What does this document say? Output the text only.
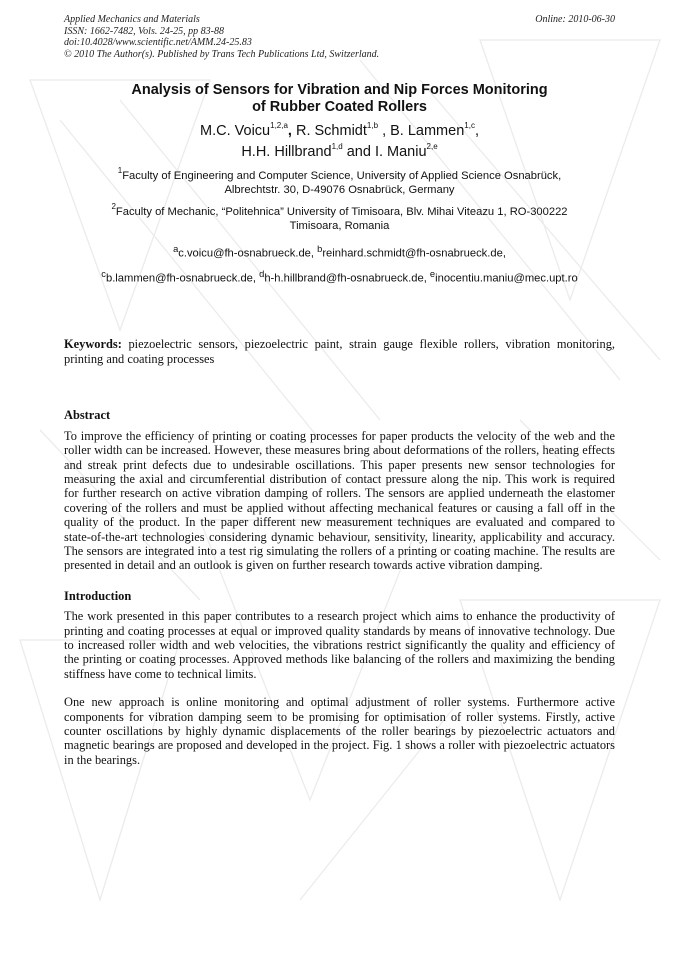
Applied Mechanics and Materials
ISSN: 1662-7482, Vols. 24-25, pp 83-88
doi:10.4028/www.scientific.net/AMM.24-25.83
© 2010 The Author(s). Published by Trans Tech Publications Ltd, Switzerland.
Online: 2010-06-30
Analysis of Sensors for Vibration and Nip Forces Monitoring
of Rubber Coated Rollers
M.C. Voicu$^{1,2,a}$, R. Schmidt$^{1,b}$ , B. Lammen$^{1,c}$,
H.H. Hillbrand$^{1,d}$ and I. Maniu$^{2,e}$
$^1$Faculty of Engineering and Computer Science, University of Applied Science Osnabrück,
Albrechtstr. 30, D-49076 Osnabrück, Germany
$^2$Faculty of Mechanic, “Politehnica” University of Timisoara, Blv. Mihai Viteazu 1, RO-300222
Timisoara, Romania
$^a$c.voicu@fh-osnabrueck.de, $^b$reinhard.schmidt@fh-osnabrueck.de,
$^c$b.lammen@fh-osnabrueck.de, $^d$h-h.hillbrand@fh-osnabrueck.de, $^e$inocentiu.maniu@mec.upt.ro
Keywords: piezoelectric sensors, piezoelectric paint, strain gauge flexible rollers, vibration monitoring, printing and coating processes
Abstract
To improve the efficiency of printing or coating processes for paper products the velocity of the web and the roller width can be increased. However, these measures bring about deformations of the rollers, heating effects and streak print defects due to undesirable oscillations. This paper presents new sensor technologies for measuring the axial and circumferential distribution of contact pressure along the nip. This work is required for further research on active vibration damping of rollers. The sensors are applied underneath the elastomer covering of the rollers and must be applied without affecting mechanical features or causing a fall off in the quality of the product. In the paper different new measurement techniques are evaluated and compared to state-of-the-art technologies considering dynamic behaviour, sensitivity, linearity, applicability and accuracy. The sensors are integrated into a test rig simulating the rollers of a printing or coating machine. The results are presented in detail and an outlook is given on further research towards active vibration damping.
Introduction
The work presented in this paper contributes to a research project which aims to enhance the productivity of printing and coating processes at equal or improved quality standards by means of innovative technology. Due to increased roller width and web velocities, the vibrations restrict significantly the quality and efficiency of the printing or coating processes. Approved methods like balancing of the rollers and maximizing the bending stiffness have come to technical limits.
One new approach is online monitoring and optimal adjustment of roller systems. Furthermore active components for vibration damping seem to be promising for optimisation of roller systems. Firstly, active counter oscillations by highly dynamic displacements of the roller bearings by piezoelectric actuators and magnetic bearings are proposed and developed in the project. Fig. 1 shows a roller with piezoelectric actuators in the bearings.
